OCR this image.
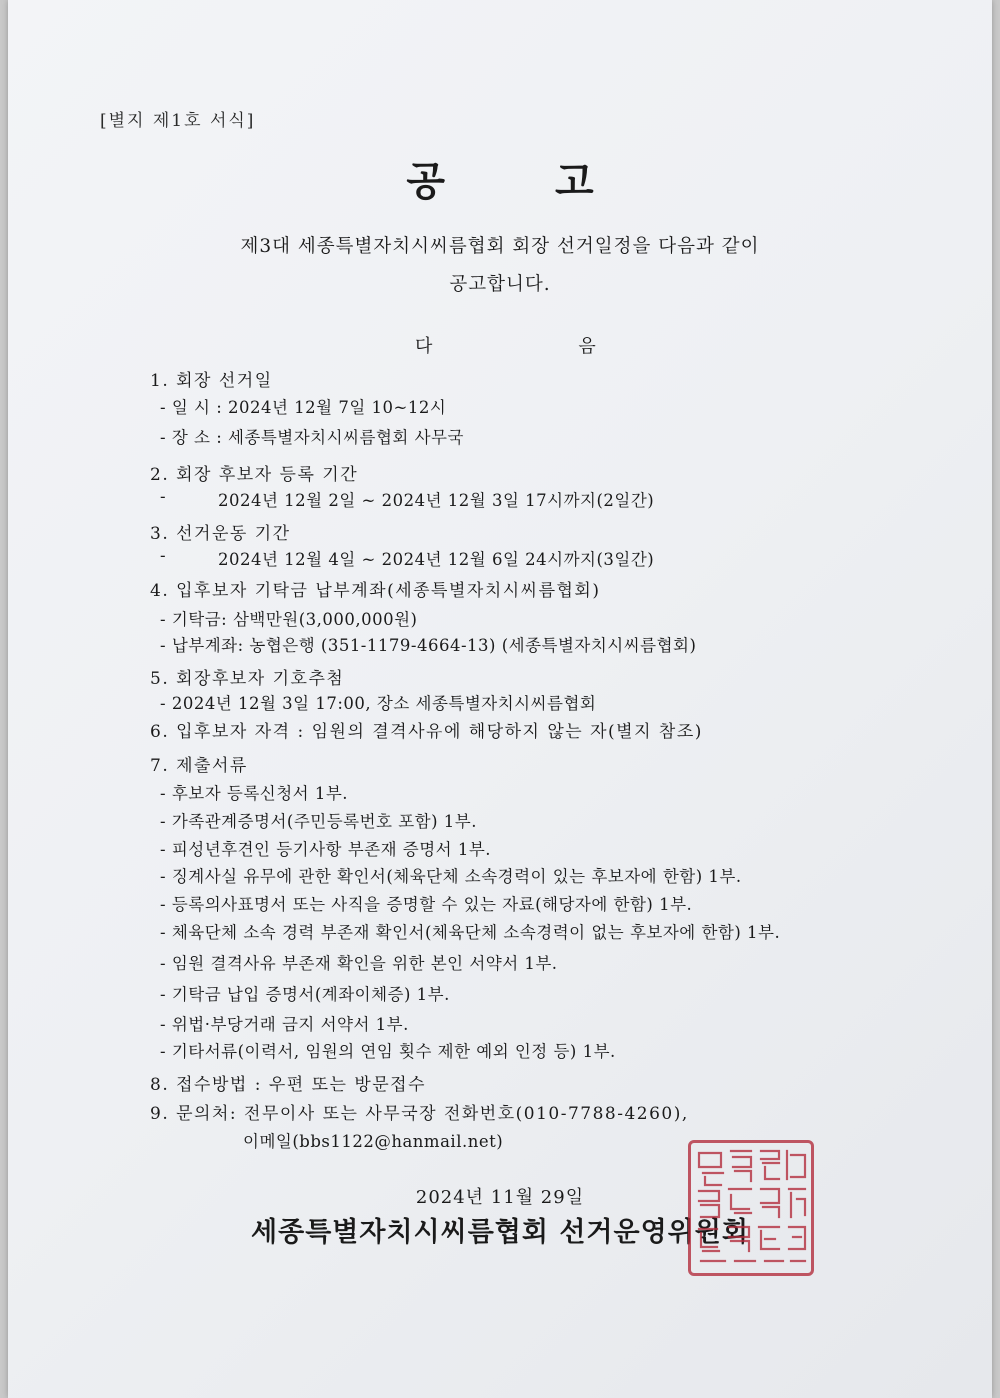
[별지 제1호 서식]
공고
제3대 세종특별자치시씨름협회 회장 선거일정을 다음과 같이
공고합니다.
다	음
1. 회장 선거일
- 일 시 : 2024년 12월 7일 10~12시
- 장 소 : 세종특별자치시씨름협회 사무국
2. 회장 후보자 등록 기간
-	2024년 12월 2일 ~ 2024년 12월 3일 17시까지(2일간)
3. 선거운동 기간
-	2024년 12월 4일 ~ 2024년 12월 6일 24시까지(3일간)
4. 입후보자 기탁금 납부계좌(세종특별자치시씨름협회)
- 기탁금: 삼백만원(3,000,000원)
- 납부계좌: 농협은행 (351-1179-4664-13) (세종특별자치시씨름협회)
5. 회장후보자 기호추첨
- 2024년 12월 3일 17:00, 장소 세종특별자치시씨름협회
6. 입후보자 자격 : 임원의 결격사유에 해당하지 않는 자(별지 참조)
7. 제출서류
- 후보자 등록신청서 1부.
- 가족관계증명서(주민등록번호 포함) 1부.
- 피성년후견인 등기사항 부존재 증명서 1부.
- 징계사실 유무에 관한 확인서(체육단체 소속경력이 있는 후보자에 한함) 1부.
- 등록의사표명서 또는 사직을 증명할 수 있는 자료(해당자에 한함) 1부.
- 체육단체 소속 경력 부존재 확인서(체육단체 소속경력이 없는 후보자에 한함) 1부.
- 임원 결격사유 부존재 확인을 위한 본인 서약서 1부.
- 기탁금 납입 증명서(계좌이체증) 1부.
- 위법·부당거래 금지 서약서 1부.
- 기타서류(이력서, 임원의 연임 횟수 제한 예외 인정 등) 1부.
8. 접수방법 : 우편 또는 방문접수
9. 문의처: 전무이사 또는 사무국장 전화번호(010-7788-4260),
이메일(bbs1122@hanmail.net)
2024년 11월 29일
세종특별자치시씨름협회 선거운영위원회
